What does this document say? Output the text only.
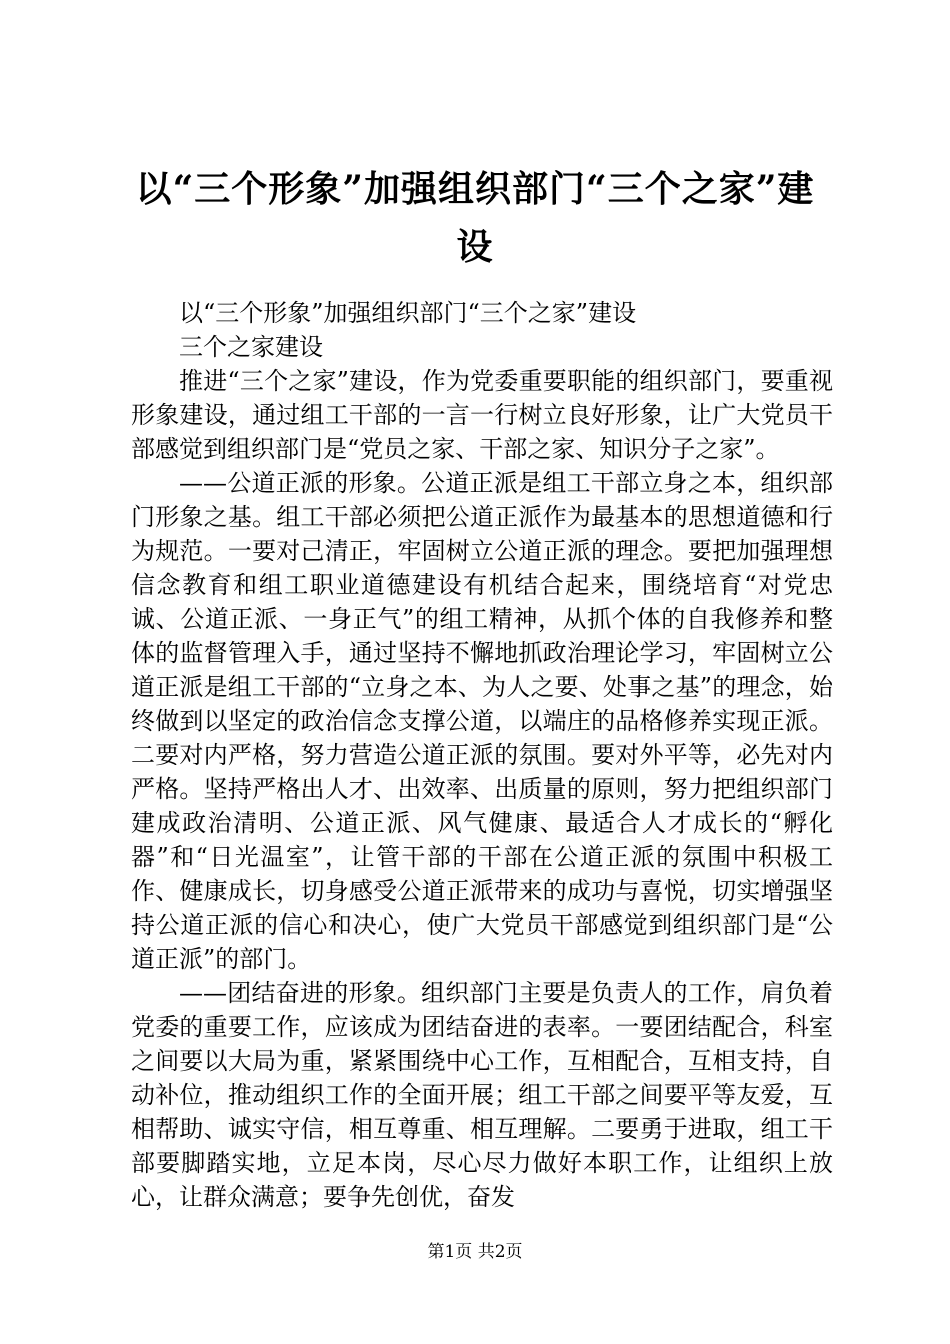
以“三个形象”加强组织部门“三个之家”建设

以“三个形象”加强组织部门“三个之家”建设

三个之家建设

推进“三个之家”建设，作为党委重要职能的组织部门，要重视形象建设，通过组工干部的一言一行树立良好形象，让广大党员干部感觉到组织部门是“党员之家、干部之家、知识分子之家”。

——公道正派的形象。公道正派是组工干部立身之本，组织部门形象之基。组工干部必须把公道正派作为最基本的思想道德和行为规范。一要对己清正，牢固树立公道正派的理念。要把加强理想信念教育和组工职业道德建设有机结合起来，围绕培育“对党忠诚、公道正派、一身正气”的组工精神，从抓个体的自我修养和整体的监督管理入手，通过坚持不懈地抓政治理论学习，牢固树立公道正派是组工干部的“立身之本、为人之要、处事之基”的理念，始终做到以坚定的政治信念支撑公道，以端庄的品格修养实现正派。二要对内严格，努力营造公道正派的氛围。要对外平等，必先对内严格。坚持严格出人才、出效率、出质量的原则，努力把组织部门建成政治清明、公道正派、风气健康、最适合人才成长的“孵化器”和“日光温室”，让管干部的干部在公道正派的氛围中积极工作、健康成长，切身感受公道正派带来的成功与喜悦，切实增强坚持公道正派的信心和决心，使广大党员干部感觉到组织部门是“公道正派”的部门。

——团结奋进的形象。组织部门主要是负责人的工作，肩负着党委的重要工作，应该成为团结奋进的表率。一要团结配合，科室之间要以大局为重，紧紧围绕中心工作，互相配合，互相支持，自动补位，推动组织工作的全面开展；组工干部之间要平等友爱，互相帮助、诚实守信，相互尊重、相互理解。二要勇于进取，组工干部要脚踏实地，立足本岗，尽心尽力做好本职工作，让组织上放心，让群众满意；要争先创优，奋发

第1页 共2页
